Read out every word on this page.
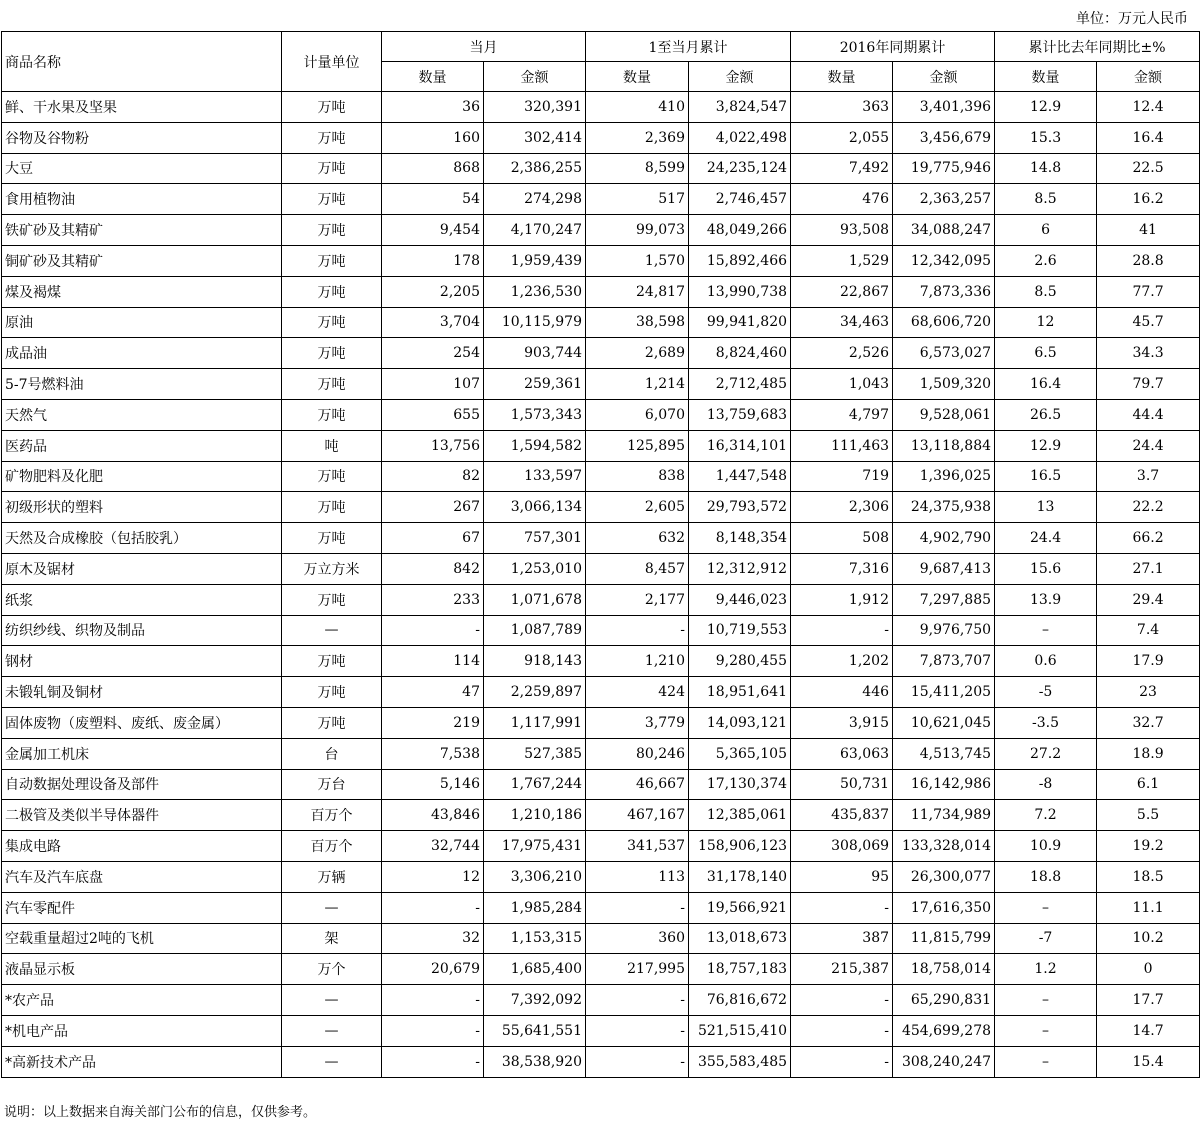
单位：万元人民币
商品名称	计量单位	当月		1至当月累计		2016年同期累计		累计比去年同期比±%	
		数量	金额	数量	金额	数量	金额	数量	金额
鲜、干水果及坚果	万吨	36	320,391	410	3,824,547	363	3,401,396	12.9	12.4
谷物及谷物粉	万吨	160	302,414	2,369	4,022,498	2,055	3,456,679	15.3	16.4
大豆	万吨	868	2,386,255	8,599	24,235,124	7,492	19,775,946	14.8	22.5
食用植物油	万吨	54	274,298	517	2,746,457	476	2,363,257	8.5	16.2
铁矿砂及其精矿	万吨	9,454	4,170,247	99,073	48,049,266	93,508	34,088,247	6	41
铜矿砂及其精矿	万吨	178	1,959,439	1,570	15,892,466	1,529	12,342,095	2.6	28.8
煤及褐煤	万吨	2,205	1,236,530	24,817	13,990,738	22,867	7,873,336	8.5	77.7
原油	万吨	3,704	10,115,979	38,598	99,941,820	34,463	68,606,720	12	45.7
成品油	万吨	254	903,744	2,689	8,824,460	2,526	6,573,027	6.5	34.3
5-7号燃料油	万吨	107	259,361	1,214	2,712,485	1,043	1,509,320	16.4	79.7
天然气	万吨	655	1,573,343	6,070	13,759,683	4,797	9,528,061	26.5	44.4
医药品	吨	13,756	1,594,582	125,895	16,314,101	111,463	13,118,884	12.9	24.4
矿物肥料及化肥	万吨	82	133,597	838	1,447,548	719	1,396,025	16.5	3.7
初级形状的塑料	万吨	267	3,066,134	2,605	29,793,572	2,306	24,375,938	13	22.2
天然及合成橡胶（包括胶乳）	万吨	67	757,301	632	8,148,354	508	4,902,790	24.4	66.2
原木及锯材	万立方米	842	1,253,010	8,457	12,312,912	7,316	9,687,413	15.6	27.1
纸浆	万吨	233	1,071,678	2,177	9,446,023	1,912	7,297,885	13.9	29.4
纺织纱线、织物及制品	—	-	1,087,789	-	10,719,553	-	9,976,750	–	7.4
钢材	万吨	114	918,143	1,210	9,280,455	1,202	7,873,707	0.6	17.9
未锻轧铜及铜材	万吨	47	2,259,897	424	18,951,641	446	15,411,205	-5	23
固体废物（废塑料、废纸、废金属）	万吨	219	1,117,991	3,779	14,093,121	3,915	10,621,045	-3.5	32.7
金属加工机床	台	7,538	527,385	80,246	5,365,105	63,063	4,513,745	27.2	18.9
自动数据处理设备及部件	万台	5,146	1,767,244	46,667	17,130,374	50,731	16,142,986	-8	6.1
二极管及类似半导体器件	百万个	43,846	1,210,186	467,167	12,385,061	435,837	11,734,989	7.2	5.5
集成电路	百万个	32,744	17,975,431	341,537	158,906,123	308,069	133,328,014	10.9	19.2
汽车及汽车底盘	万辆	12	3,306,210	113	31,178,140	95	26,300,077	18.8	18.5
汽车零配件	—	-	1,985,284	-	19,566,921	-	17,616,350	–	11.1
空载重量超过2吨的飞机	架	32	1,153,315	360	13,018,673	387	11,815,799	-7	10.2
液晶显示板	万个	20,679	1,685,400	217,995	18,757,183	215,387	18,758,014	1.2	0
*农产品	—	-	7,392,092	-	76,816,672	-	65,290,831	–	17.7
*机电产品	—	-	55,641,551	-	521,515,410	-	454,699,278	–	14.7
*高新技术产品	—	-	38,538,920	-	355,583,485	-	308,240,247	–	15.4
说明：以上数据来自海关部门公布的信息，仅供参考。
